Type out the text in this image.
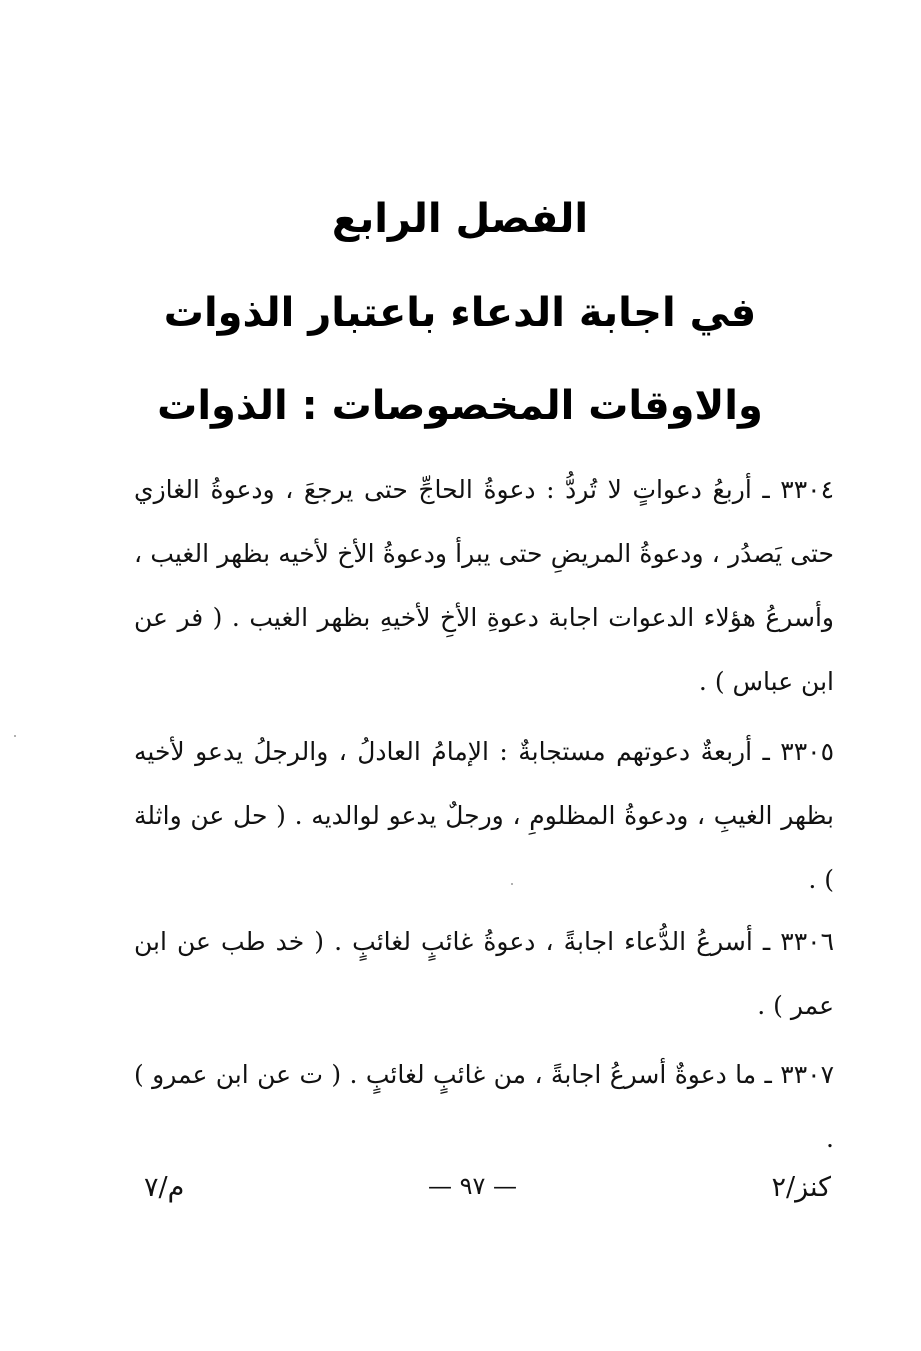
الفصل الرابع
في اجابة الدعاء باعتبار الذوات
والاوقات المخصوصات : الذوات
٣٣٠٤ ـ أربعُ دعواتٍ لا تُردُّ : دعوةُ الحاجِّ حتى يرجعَ ، ودعوةُ الغازي حتى يَصدُر ، ودعوةُ المريضِ حتى يبرأ ودعوةُ الأخ لأخيه بظهر الغيب ، وأسرعُ هؤلاء الدعوات اجابة دعوةِ الأخِ لأخيهِ بظهر الغيب . ( فر عن ابن عباس ) .
٣٣٠٥ ـ أربعةٌ دعوتهم مستجابةٌ : الإمامُ العادلُ ، والرجلُ يدعو لأخيه بظهر الغيبِ ، ودعوةُ المظلومِ ، ورجلٌ يدعو لوالديه . ( حل عن واثلة ) .
٣٣٠٦ ـ أسرعُ الدُّعاء اجابةً ، دعوةُ غائبٍ لغائبٍ . ( خد طب عن ابن عمر ) .
٣٣٠٧ ـ ما دعوةٌ أسرعُ اجابةً ، من غائبٍ لغائبٍ . ( ت عن ابن عمرو ) .
م/٧	— ٩٧ —	كنز/٢
